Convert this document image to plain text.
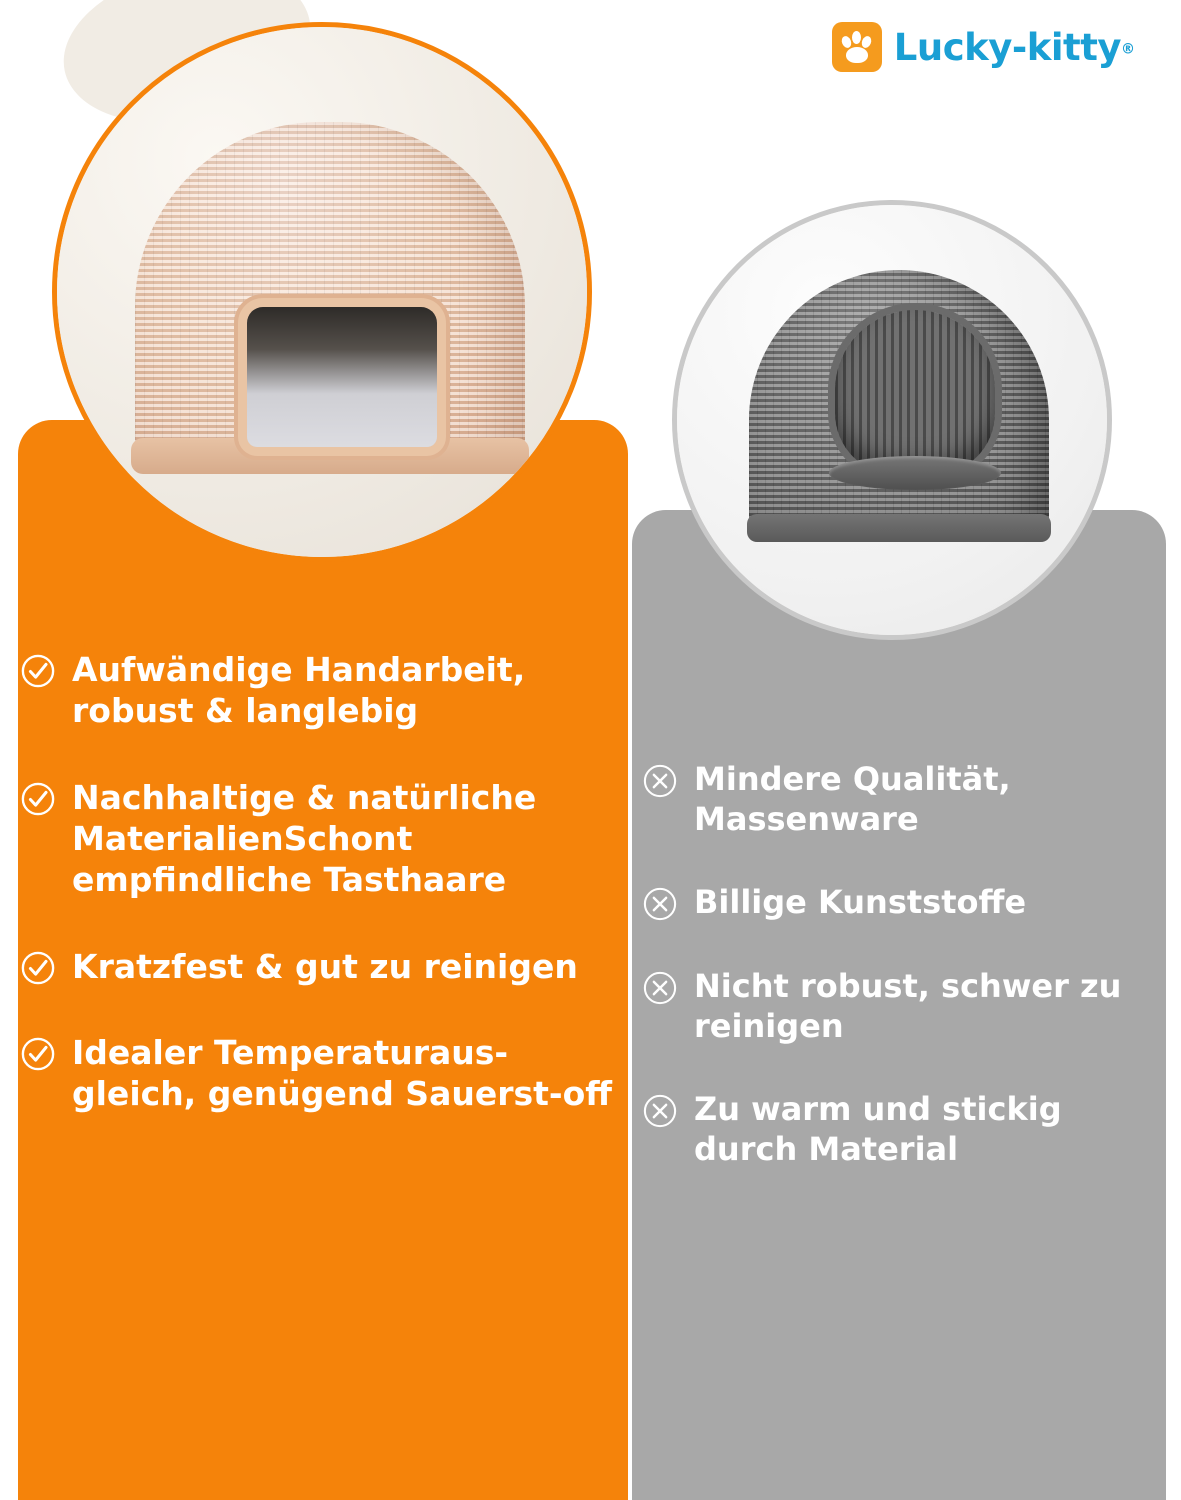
Lucky-kitty®
Aufwändige Handarbeit, robust & langlebig
Nachhaltige & natürliche MaterialienSchont empfindliche Tasthaare
Kratzfest & gut zu reinigen
Idealer Temperaturaus-gleich, genügend Sauerst-off
Mindere Qualität, Massenware
Billige Kunststoffe
Nicht robust, schwer zu reinigen
Zu warm und stickig durch Material
